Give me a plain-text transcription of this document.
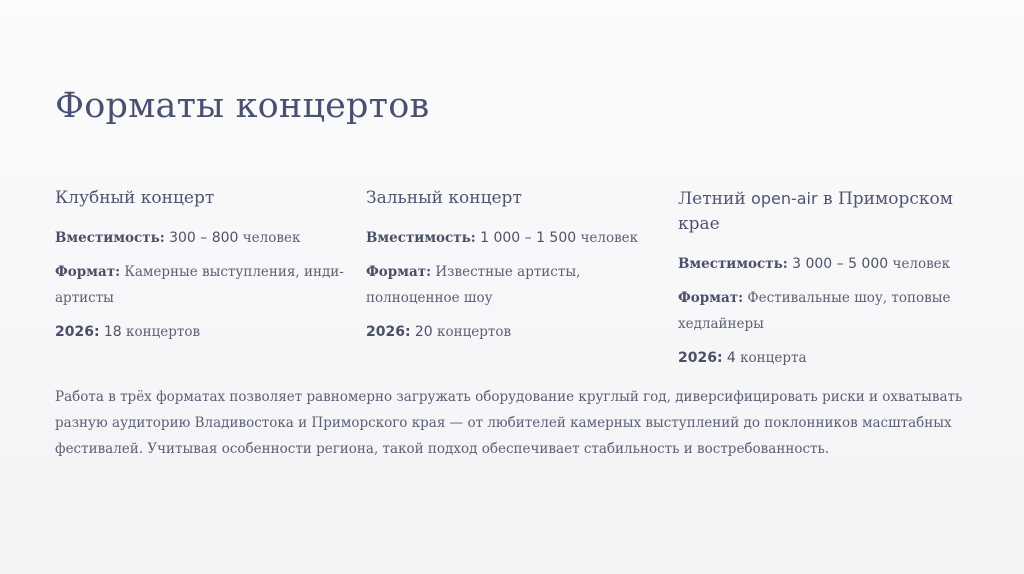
Форматы концертов
Клубный концерт
Вместимость: 300 – 800 человек
Формат: Камерные выступления, инди-артисты
2026: 18 концертов
Зальный концерт
Вместимость: 1 000 – 1 500 человек
Формат: Известные артисты, полноценное шоу
2026: 20 концертов
Летний open-air в Приморском крае
Вместимость: 3 000 – 5 000 человек
Формат: Фестивальные шоу, топовые хедлайнеры
2026: 4 концерта

Работа в трёх форматах позволяет равномерно загружать оборудование круглый год, диверсифицировать риски и охватывать разную аудиторию Владивостока и Приморского края — от любителей камерных выступлений до поклонников масштабных фестивалей. Учитывая особенности региона, такой подход обеспечивает стабильность и востребованность.
